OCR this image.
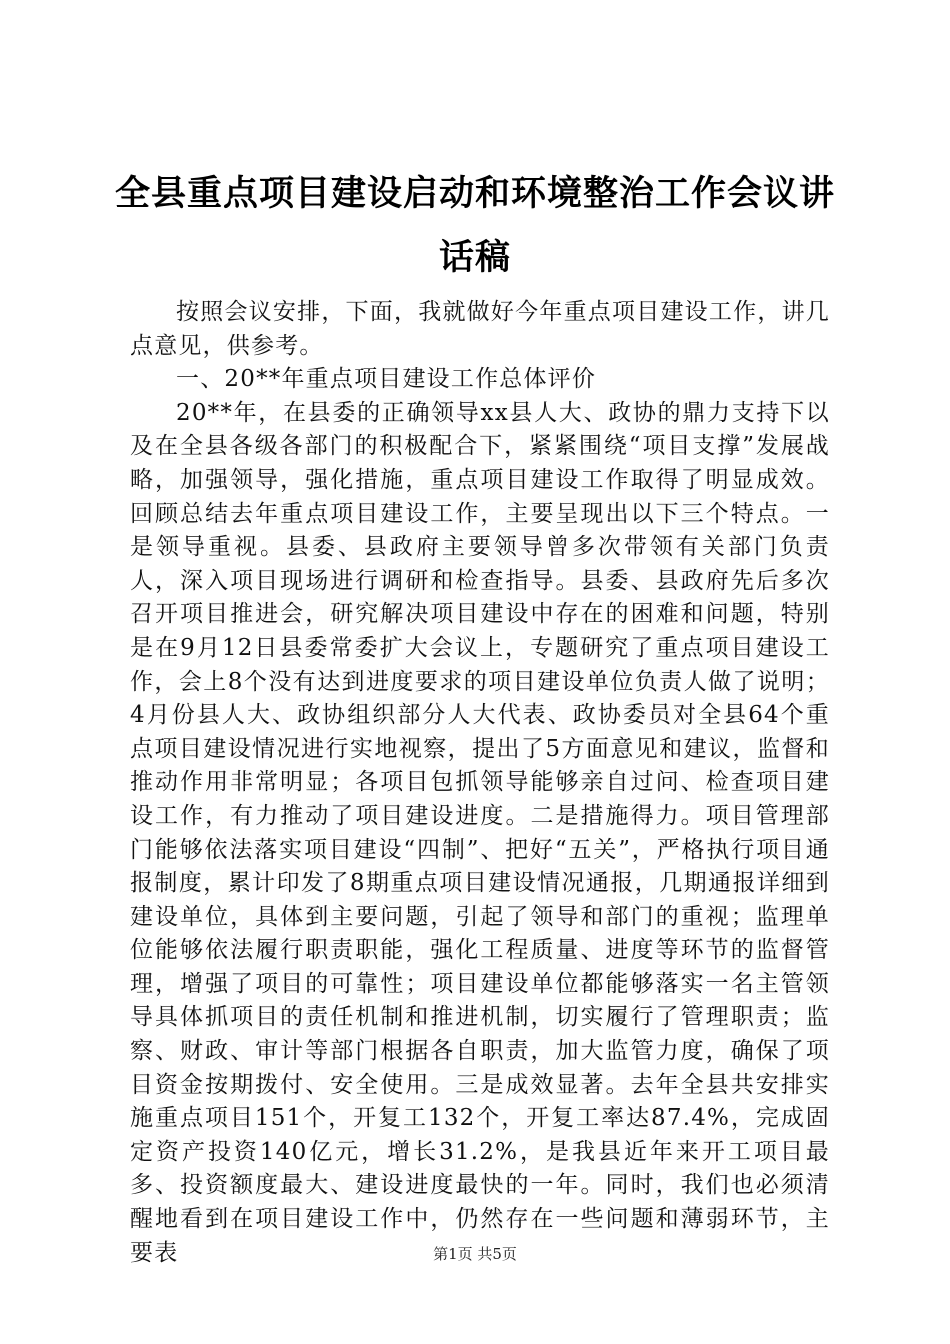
全县重点项目建设启动和环境整治工作会议讲话稿

按照会议安排，下面，我就做好今年重点项目建设工作，讲几点意见，供参考。

一、20**年重点项目建设工作总体评价

20**年，在县委的正确领导xx县人大、政协的鼎力支持下以及在全县各级各部门的积极配合下，紧紧围绕“项目支撑”发展战略，加强领导，强化措施，重点项目建设工作取得了明显成效。回顾总结去年重点项目建设工作，主要呈现出以下三个特点。一是领导重视。县委、县政府主要领导曾多次带领有关部门负责人，深入项目现场进行调研和检查指导。县委、县政府先后多次召开项目推进会，研究解决项目建设中存在的困难和问题，特别是在9月12日县委常委扩大会议上，专题研究了重点项目建设工作，会上8个没有达到进度要求的项目建设单位负责人做了说明；4月份县人大、政协组织部分人大代表、政协委员对全县64个重点项目建设情况进行实地视察，提出了5方面意见和建议，监督和推动作用非常明显；各项目包抓领导能够亲自过问、检查项目建设工作，有力推动了项目建设进度。二是措施得力。项目管理部门能够依法落实项目建设“四制”、把好“五关”，严格执行项目通报制度，累计印发了8期重点项目建设情况通报，几期通报详细到建设单位，具体到主要问题，引起了领导和部门的重视；监理单位能够依法履行职责职能，强化工程质量、进度等环节的监督管理，增强了项目的可靠性；项目建设单位都能够落实一名主管领导具体抓项目的责任机制和推进机制，切实履行了管理职责；监察、财政、审计等部门根据各自职责，加大监管力度，确保了项目资金按期拨付、安全使用。三是成效显著。去年全县共安排实施重点项目151个，开复工132个，开复工率达87.4%，完成固定资产投资140亿元，增长31.2%，是我县近年来开工项目最多、投资额度最大、建设进度最快的一年。同时，我们也必须清醒地看到在项目建设工作中，仍然存在一些问题和薄弱环节，主要表	第1页 共5页
